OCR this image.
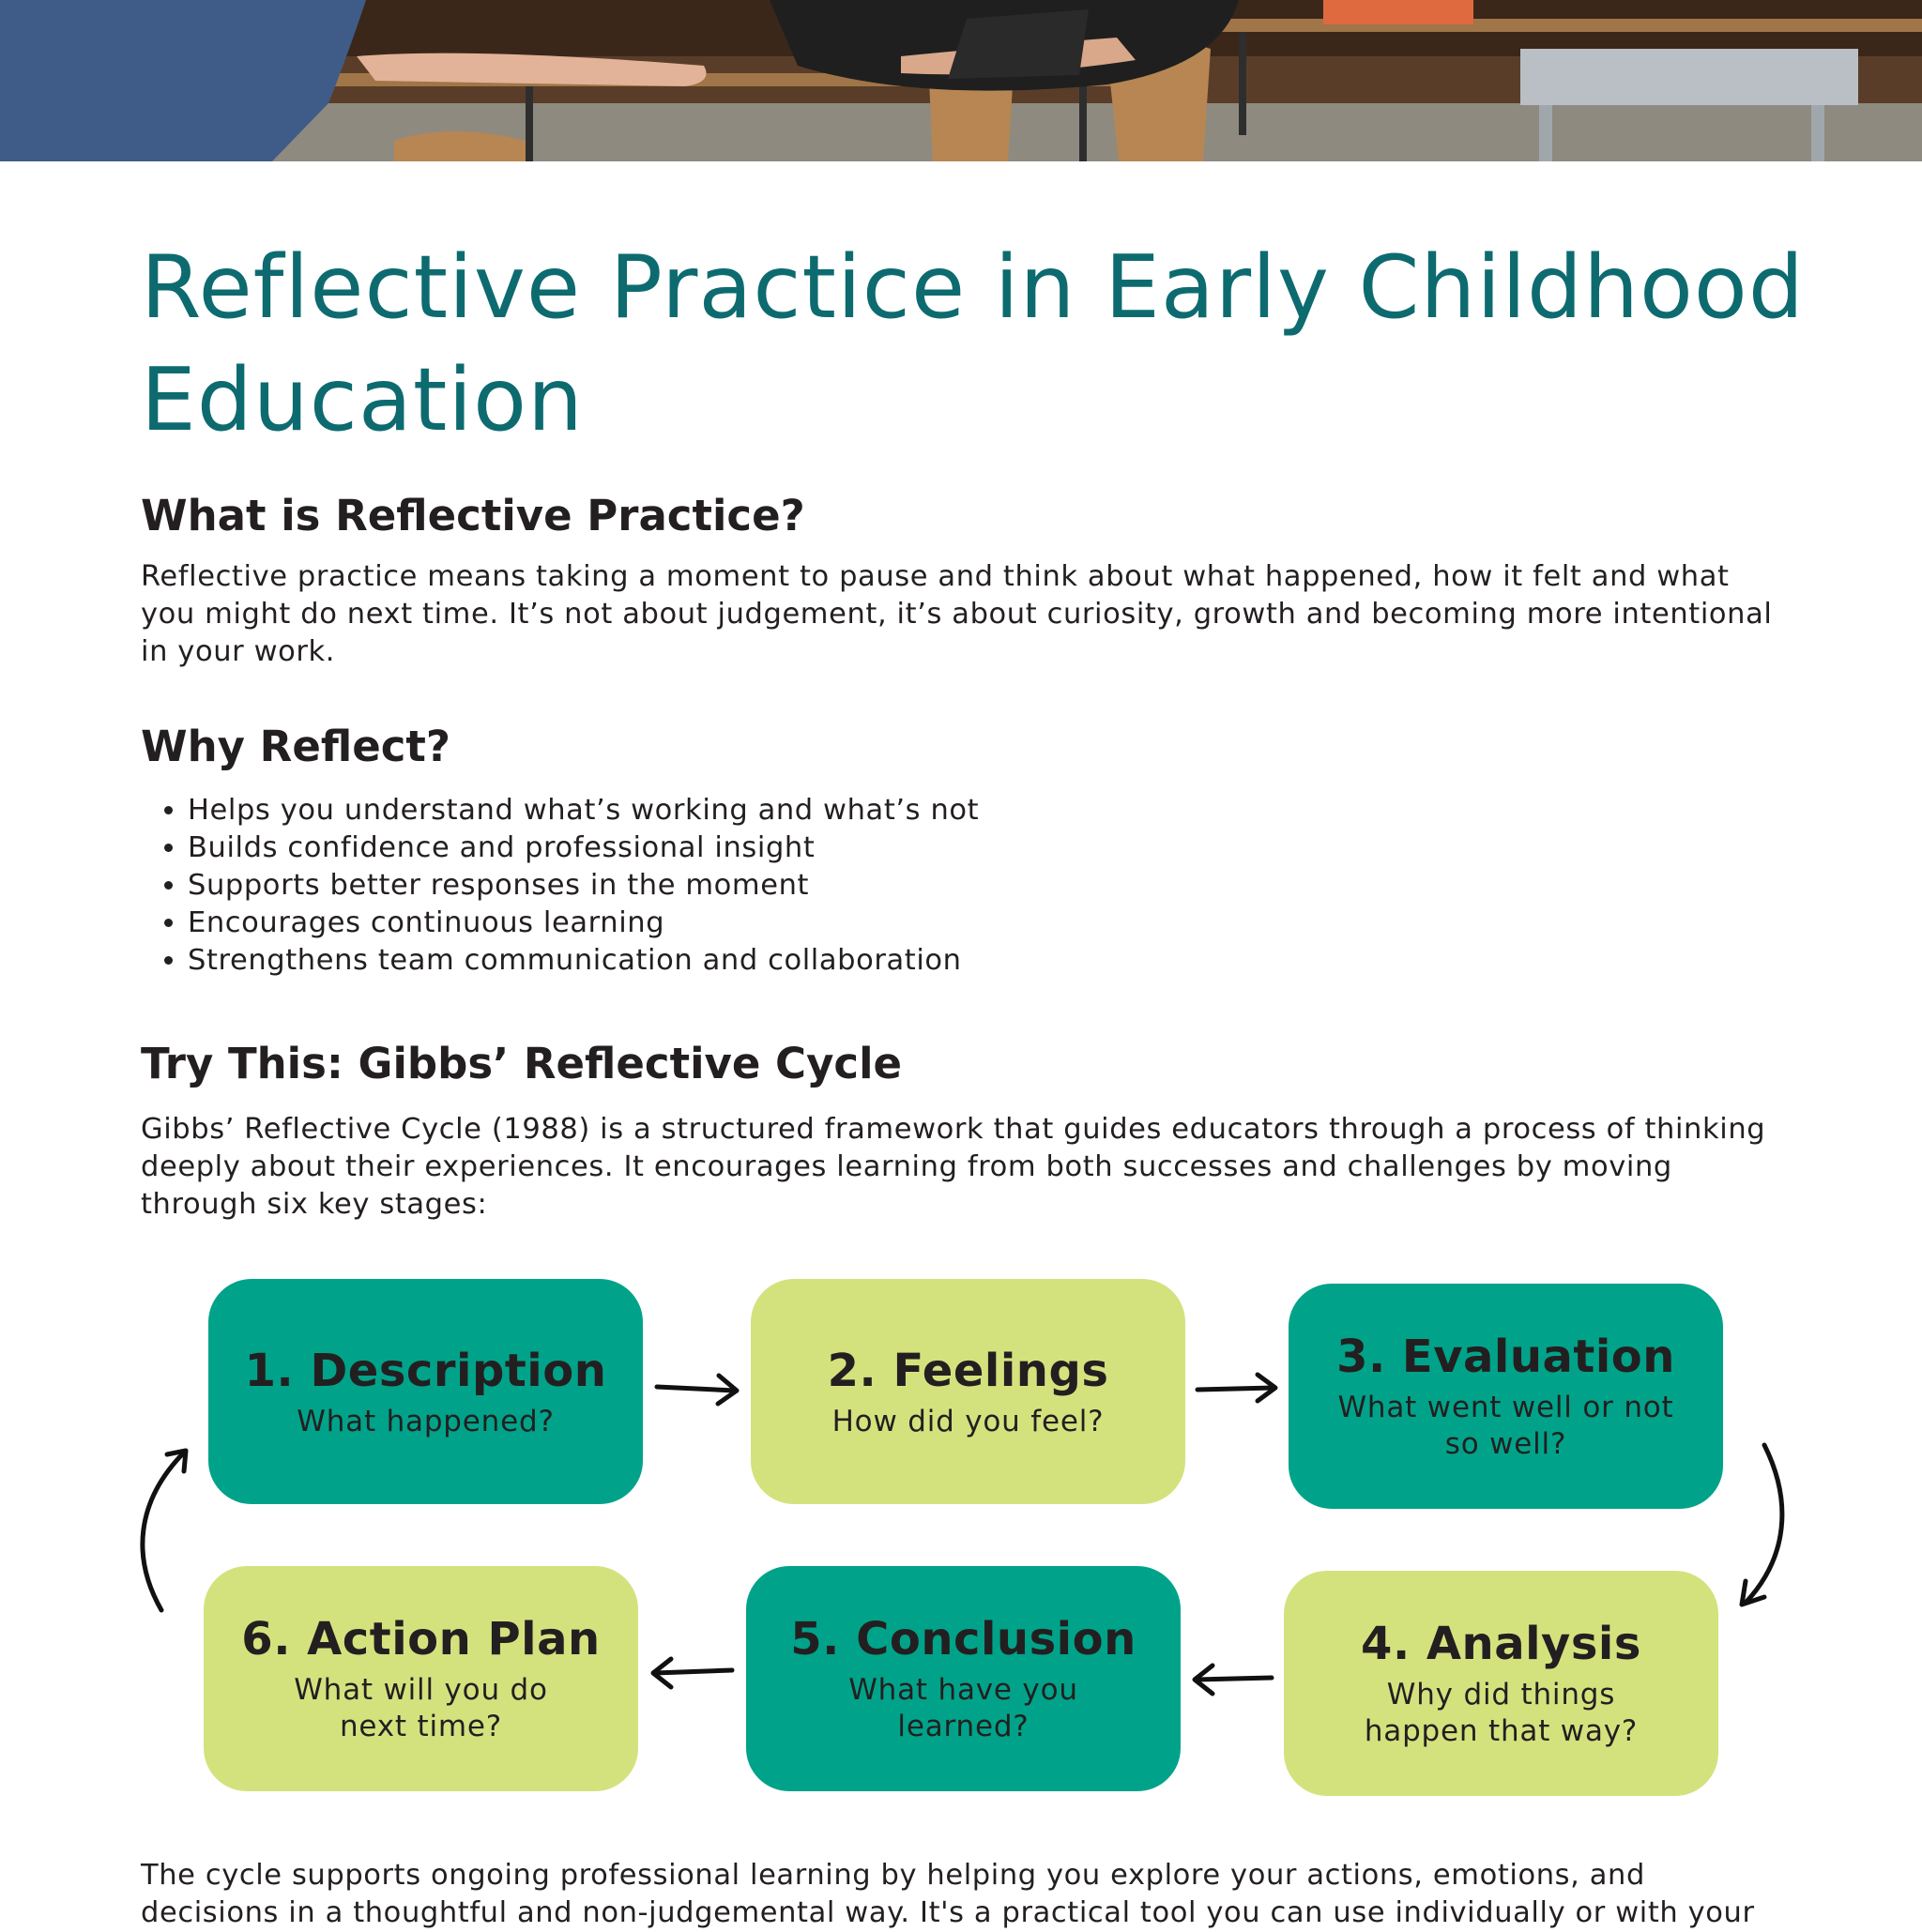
Reflective Practice in Early Childhood Education
What is Reflective Practice?

Reflective practice means taking a moment to pause and think about what happened, how it felt and what you might do next time. It’s not about judgement, it’s about curiosity, growth and becoming more intentional in your work.

Why Reflect?
• Helps you understand what’s working and what’s not
• Builds confidence and professional insight
• Supports better responses in the moment
• Encourages continuous learning
• Strengthens team communication and collaboration
Try This: Gibbs’ Reflective Cycle

Gibbs’ Reflective Cycle (1988) is a structured framework that guides educators through a process of thinking deeply about their experiences. It encourages learning from both successes and challenges by moving through six key stages:

1. Description
What happened?
2. Feelings
How did you feel?
3. Evaluation
What went well or not so well?
4. Analysis
Why did things happen that way?
5. Conclusion
What have you learned?
6. Action Plan
What will you do next time?

The cycle supports ongoing professional learning by helping you explore your actions, emotions, and decisions in a thoughtful and non-judgemental way. It's a practical tool you can use individually or with your
